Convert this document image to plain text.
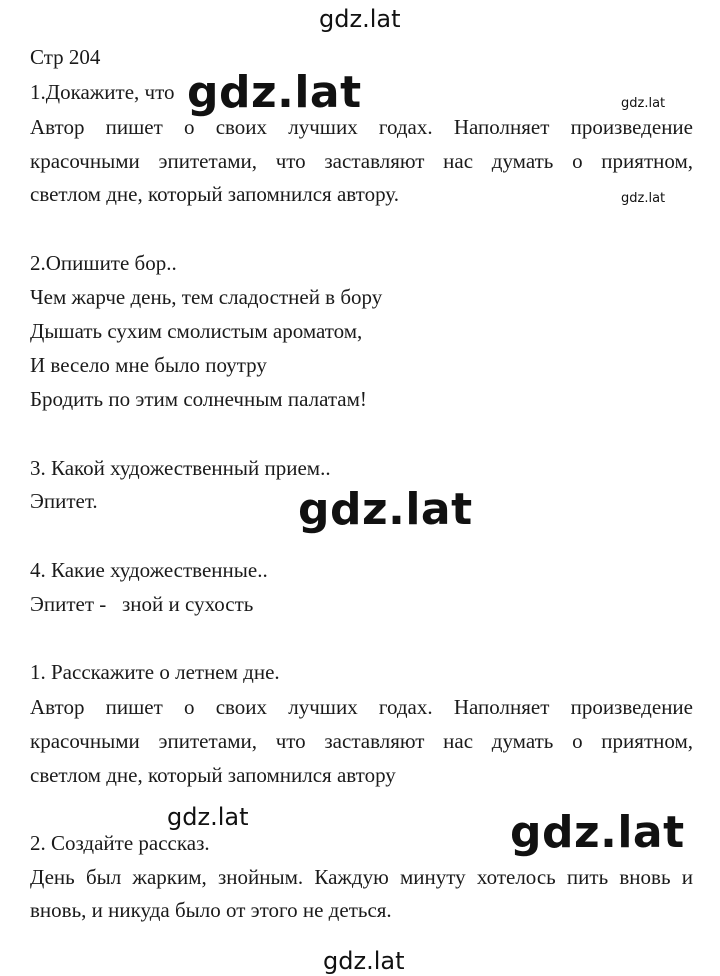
gdz.lat
gdz.lat
gdz.lat
gdz.lat
gdz.lat
Стр 204
1.Докажите, что gdz.lat
Автор пишет о своих лучших годах. Наполняет произведение
красочными эпитетами, что заставляют нас думать о приятном,
светлом дне, который запомнился автору.
2.Опишите бор..
Чем жарче день, тем сладостней в бору
Дышать сухим смолистым ароматом,
И весело мне было поутру
Бродить по этим солнечным палатам!
3. Какой художественный прием..
Эпитет.	gdz.lat
4. Какие художественные..
Эпитет -   зной и сухость
1. Расскажите о летнем дне.
Автор пишет о своих лучших годах. Наполняет произведение
красочными эпитетами, что заставляют нас думать о приятном,
светлом дне, который запомнился автору
2. Создайте рассказ.	gdz.lat
День был жарким, знойным. Каждую минуту хотелось пить вновь и
вновь, и никуда было от этого не деться.
